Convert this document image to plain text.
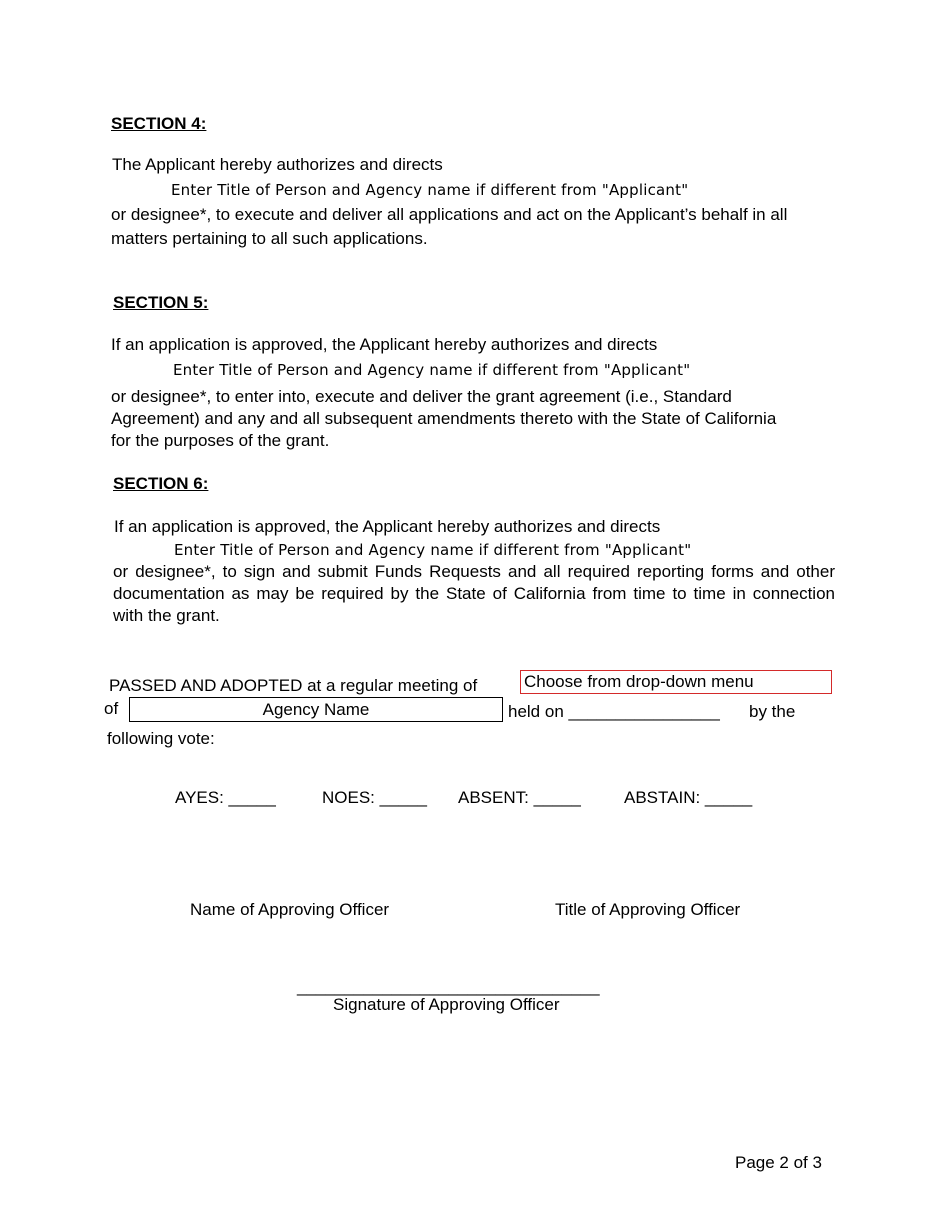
SECTION 4:
The Applicant hereby authorizes and directs
Enter Title of Person and Agency name if different from "Applicant"
or designee*, to execute and deliver all applications and act on the Applicant’s behalf in all matters pertaining to all such applications.
SECTION 5:
If an application is approved, the Applicant hereby authorizes and directs
Enter Title of Person and Agency name if different from "Applicant"
or designee*, to enter into, execute and deliver the grant agreement (i.e., Standard Agreement) and any and all subsequent amendments thereto with the State of California for the purposes of the grant.
SECTION 6:
If an application is approved, the Applicant hereby authorizes and directs
Enter Title of Person and Agency name if different from "Applicant"
or designee*, to sign and submit Funds Requests and all required reporting forms and other documentation as may be required by the State of California from time to time in connection with the grant.
PASSED AND ADOPTED at a regular meeting of	Choose from drop-down menu
of	Agency Name	held on ________________ by the
following vote:
AYES: _____	NOES: _____ ABSENT: _____	ABSTAIN: _____
Name of Approving Officer	Title of Approving Officer
________________________________
Signature of Approving Officer
Page 2 of 3
